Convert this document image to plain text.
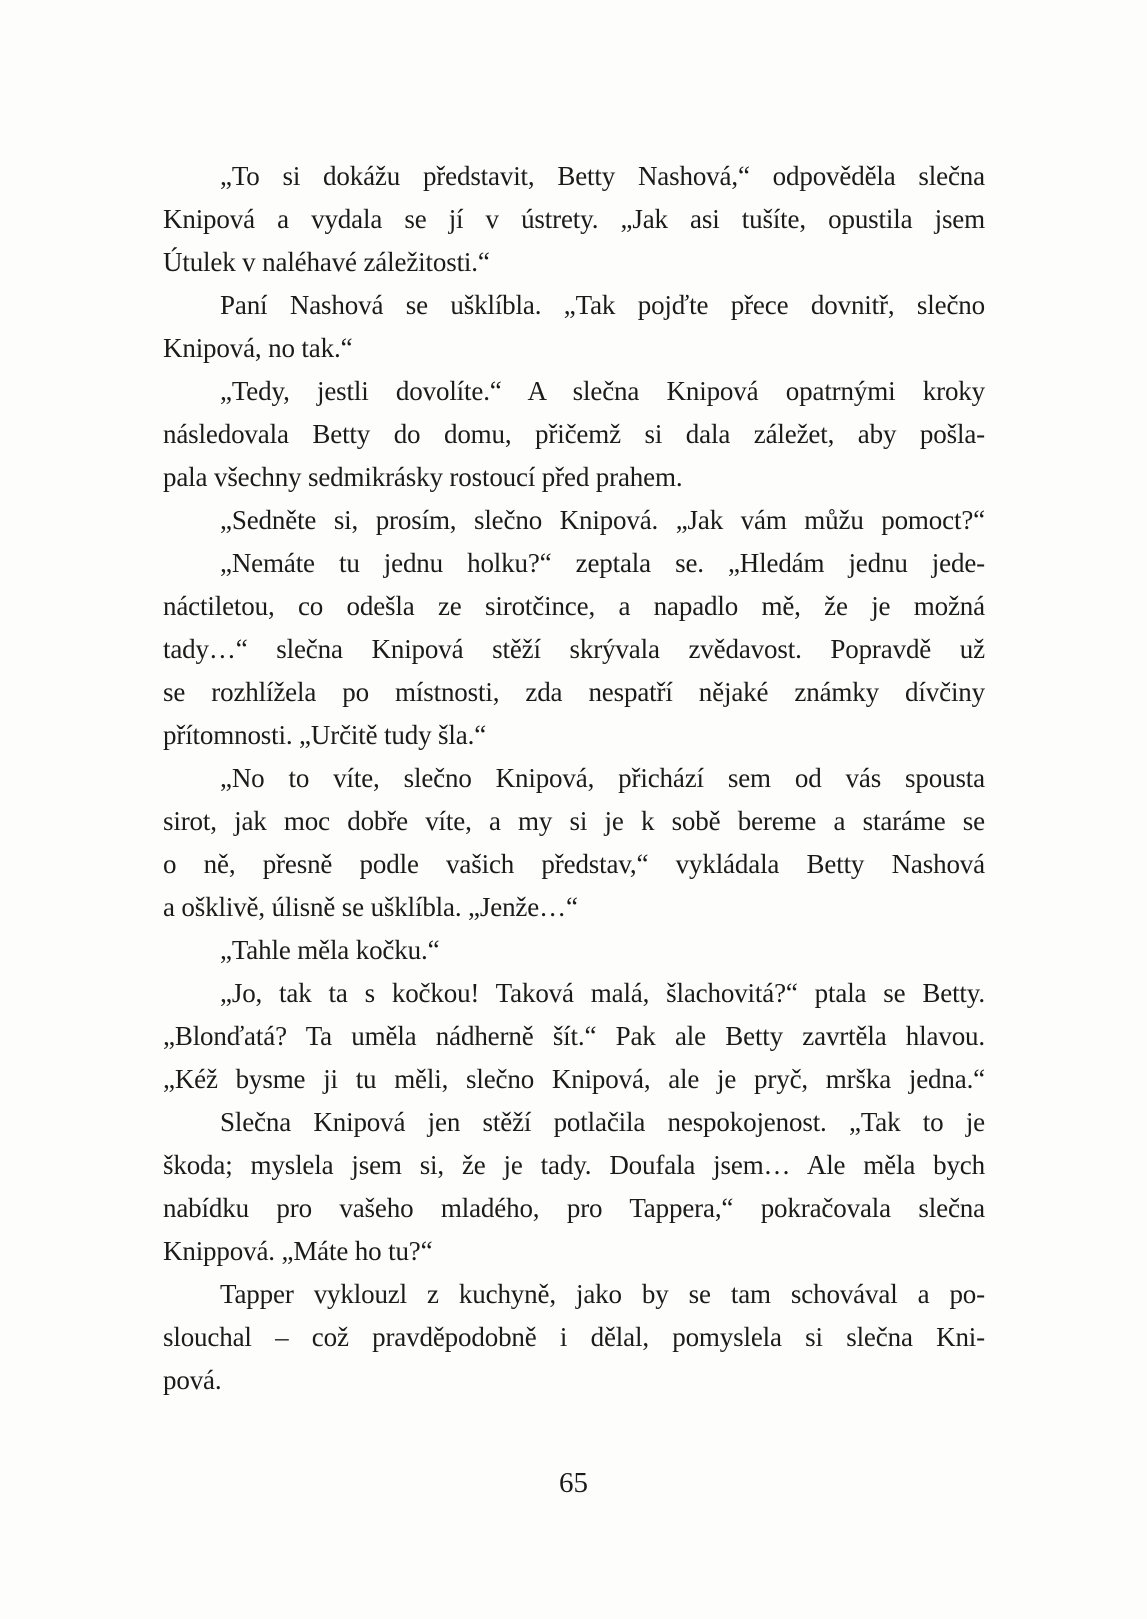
„To si dokážu představit, Betty Nashová,“ odpověděla slečna
Knipová a vydala se jí v ústrety. „Jak asi tušíte, opustila jsem
Útulek v naléhavé záležitosti.“
Paní Nashová se ušklíbla. „Tak pojďte přece dovnitř, slečno
Knipová, no tak.“
„Tedy, jestli dovolíte.“ A slečna Knipová opatrnými kroky
následovala Betty do domu, přičemž si dala záležet, aby pošla-
pala všechny sedmikrásky rostoucí před prahem.
„Sedněte si, prosím, slečno Knipová. „Jak vám můžu pomoct?“
„Nemáte tu jednu holku?“ zeptala se. „Hledám jednu jede-
náctiletou, co odešla ze sirotčince, a napadlo mě, že je možná
tady…“ slečna Knipová stěží skrývala zvědavost. Popravdě už
se rozhlížela po místnosti, zda nespatří nějaké známky dívčiny
přítomnosti. „Určitě tudy šla.“
„No to víte, slečno Knipová, přichází sem od vás spousta
sirot, jak moc dobře víte, a my si je k sobě bereme a staráme se
o ně, přesně podle vašich představ,“ vykládala Betty Nashová
a ošklivě, úlisně se ušklíbla. „Jenže…“
„Tahle měla kočku.“
„Jo, tak ta s kočkou! Taková malá, šlachovitá?“ ptala se Betty.
„Blonďatá? Ta uměla nádherně šít.“ Pak ale Betty zavrtěla hlavou.
„Kéž bysme ji tu měli, slečno Knipová, ale je pryč, mrška jedna.“
Slečna Knipová jen stěží potlačila nespokojenost. „Tak to je
škoda; myslela jsem si, že je tady. Doufala jsem… Ale měla bych
nabídku pro vašeho mladého, pro Tappera,“ pokračovala slečna
Knippová. „Máte ho tu?“
Tapper vyklouzl z kuchyně, jako by se tam schovával a po-
slouchal – což pravděpodobně i dělal, pomyslela si slečna Kni-
pová.
65
